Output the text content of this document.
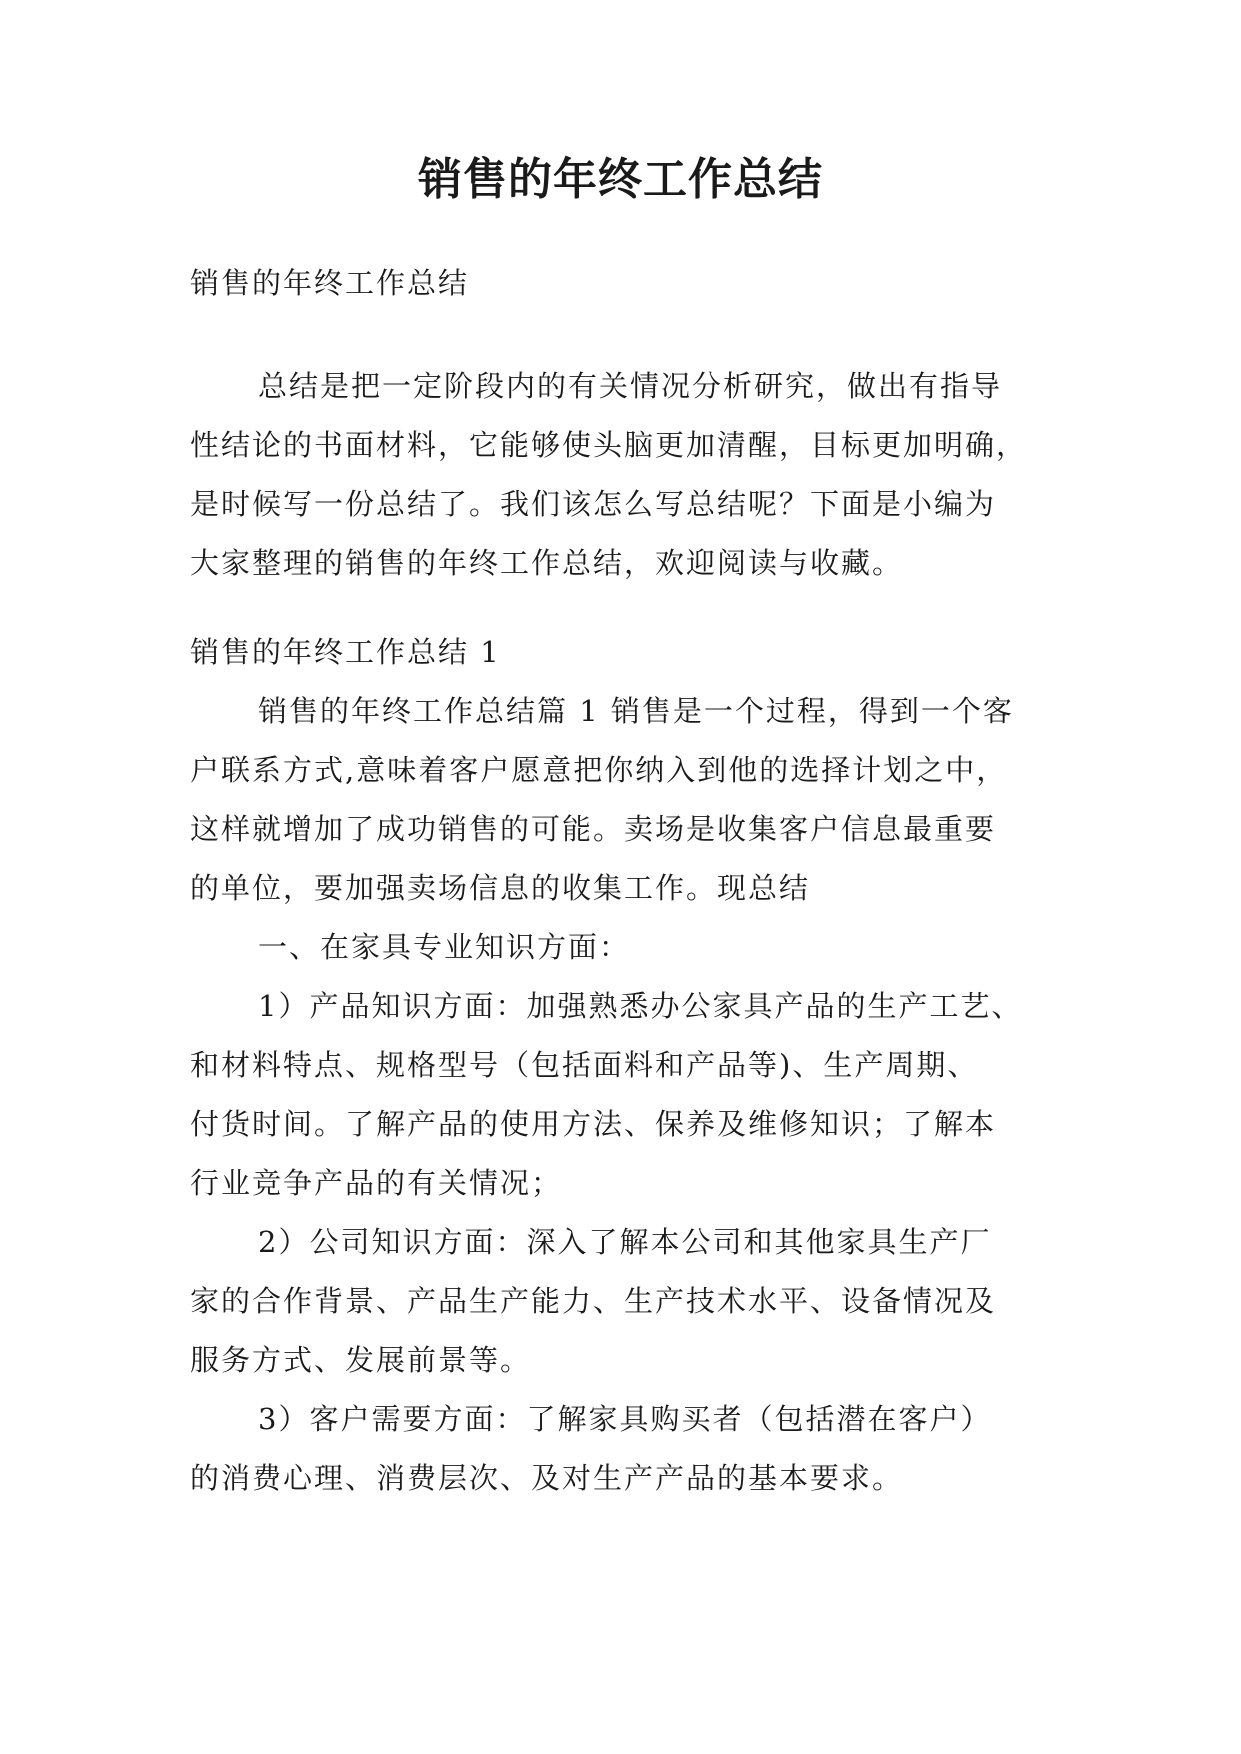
销售的年终工作总结
销售的年终工作总结
总结是把一定阶段内的有关情况分析研究，做出有指导
性结论的书面材料，它能够使头脑更加清醒，目标更加明确，
是时候写一份总结了。我们该怎么写总结呢？下面是小编为
大家整理的销售的年终工作总结，欢迎阅读与收藏。
销售的年终工作总结 1
销售的年终工作总结篇 1 销售是一个过程，得到一个客
户联系方式,意味着客户愿意把你纳入到他的选择计划之中，
这样就增加了成功销售的可能。卖场是收集客户信息最重要
的单位，要加强卖场信息的收集工作。现总结
一、在家具专业知识方面：
1）产品知识方面：加强熟悉办公家具产品的生产工艺、
和材料特点、规格型号（包括面料和产品等)、生产周期、
付货时间。了解产品的使用方法、保养及维修知识；了解本
行业竞争产品的有关情况；
2）公司知识方面：深入了解本公司和其他家具生产厂
家的合作背景、产品生产能力、生产技术水平、设备情况及
服务方式、发展前景等。
3）客户需要方面：了解家具购买者（包括潜在客户）
的消费心理、消费层次、及对生产产品的基本要求。
